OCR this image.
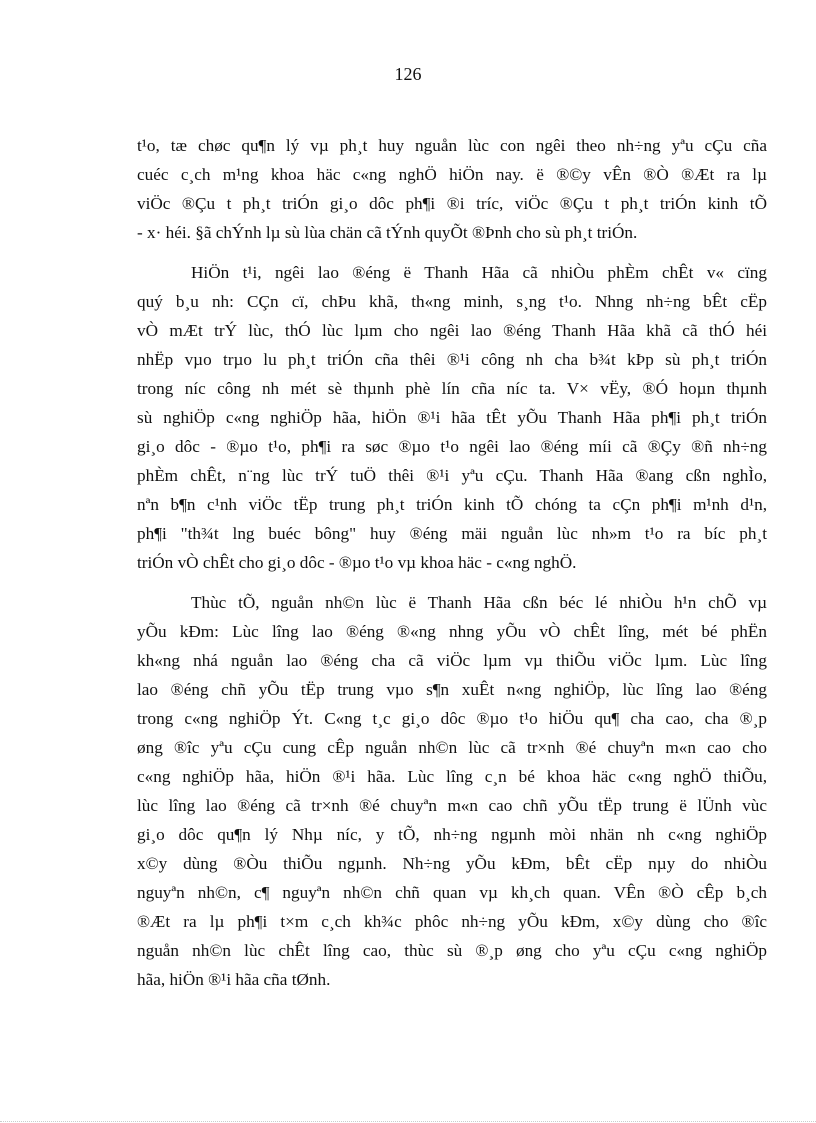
126
t¹o, tæ chøc qu¶n lý vµ ph¸t huy nguån lùc con ngêi theo nh÷ng yªu cÇu cña
cuéc c¸ch m¹ng khoa häc c«ng nghÖ hiÖn nay. ë ®©y vÊn ®Ò ®Æt ra lµ
viÖc ®Çu t ph¸t triÓn gi¸o dôc ph¶i ®i tríc, viÖc ®Çu t ph¸t triÓn kinh tÕ
- x· héi. §ã chÝnh lµ sù lùa chän cã tÝnh quyÕt ®Þnh cho sù ph¸t triÓn.
HiÖn t¹i, ngêi lao ®éng ë Thanh Hãa cã nhiÒu phÈm chÊt v« cïng
quý b¸u nh: CÇn cï, chÞu khã, th«ng minh, s¸ng t¹o. Nhng nh÷ng bÊt cËp
vÒ mÆt trÝ lùc, thÓ lùc lµm cho ngêi lao ®éng Thanh Hãa khã cã thÓ héi
nhËp vµo trµo lu ph¸t triÓn cña thêi ®¹i công nh cha b¾t kÞp sù ph¸t triÓn
trong níc công nh mét sè thµnh phè lín cña níc ta. V× vËy, ®Ó hoµn thµnh
sù nghiÖp c«ng nghiÖp hãa, hiÖn ®¹i hãa tÊt yÕu Thanh Hãa ph¶i ph¸t triÓn
gi¸o dôc - ®µo t¹o, ph¶i ra søc ®µo t¹o ngêi lao ®éng míi cã ®Çy ®ñ nh÷ng
phÈm chÊt, n¨ng lùc trÝ tuÖ thêi ®¹i yªu cÇu. Thanh Hãa ®ang cßn nghÌo,
nªn b¶n c¹nh viÖc tËp trung ph¸t triÓn kinh tÕ chóng ta cÇn ph¶i m¹nh d¹n,
ph¶i "th¾t lng buéc bông" huy ®éng mäi nguån lùc nh»m t¹o ra bíc ph¸t
triÓn vÒ chÊt cho gi¸o dôc - ®µo t¹o vµ khoa häc - c«ng nghÖ.
Thùc tÕ, nguån nh©n lùc ë Thanh Hãa cßn béc lé nhiÒu h¹n chÕ vµ
yÕu kÐm: Lùc lîng lao ®éng ®«ng nhng yÕu vÒ chÊt lîng, mét bé phËn
kh«ng nhá nguån lao ®éng cha cã viÖc lµm vµ thiÕu viÖc lµm. Lùc lîng
lao ®éng chñ yÕu tËp trung vµo s¶n xuÊt n«ng nghiÖp, lùc lîng lao ®éng
trong c«ng nghiÖp Ýt. C«ng t¸c gi¸o dôc ®µo t¹o hiÖu qu¶ cha cao, cha ®¸p
øng ®îc yªu cÇu cung cÊp nguån nh©n lùc cã tr×nh ®é chuyªn m«n cao cho
c«ng nghiÖp hãa, hiÖn ®¹i hãa. Lùc lîng c¸n bé khoa häc c«ng nghÖ thiÕu,
lùc lîng lao ®éng cã tr×nh ®é chuyªn m«n cao chñ yÕu tËp trung ë lÜnh vùc
gi¸o dôc qu¶n lý Nhµ níc, y tÕ, nh÷ng ngµnh mòi nhän nh c«ng nghiÖp
x©y dùng ®Òu thiÕu ngµnh. Nh÷ng yÕu kÐm, bÊt cËp nµy do nhiÒu
nguyªn nh©n, c¶ nguyªn nh©n chñ quan vµ kh¸ch quan. VÊn ®Ò cÊp b¸ch
®Æt ra lµ ph¶i t×m c¸ch kh¾c phôc nh÷ng yÕu kÐm, x©y dùng cho ®îc
nguån nh©n lùc chÊt lîng cao, thùc sù ®¸p øng cho yªu cÇu c«ng nghiÖp
hãa, hiÖn ®¹i hãa cña tØnh.
